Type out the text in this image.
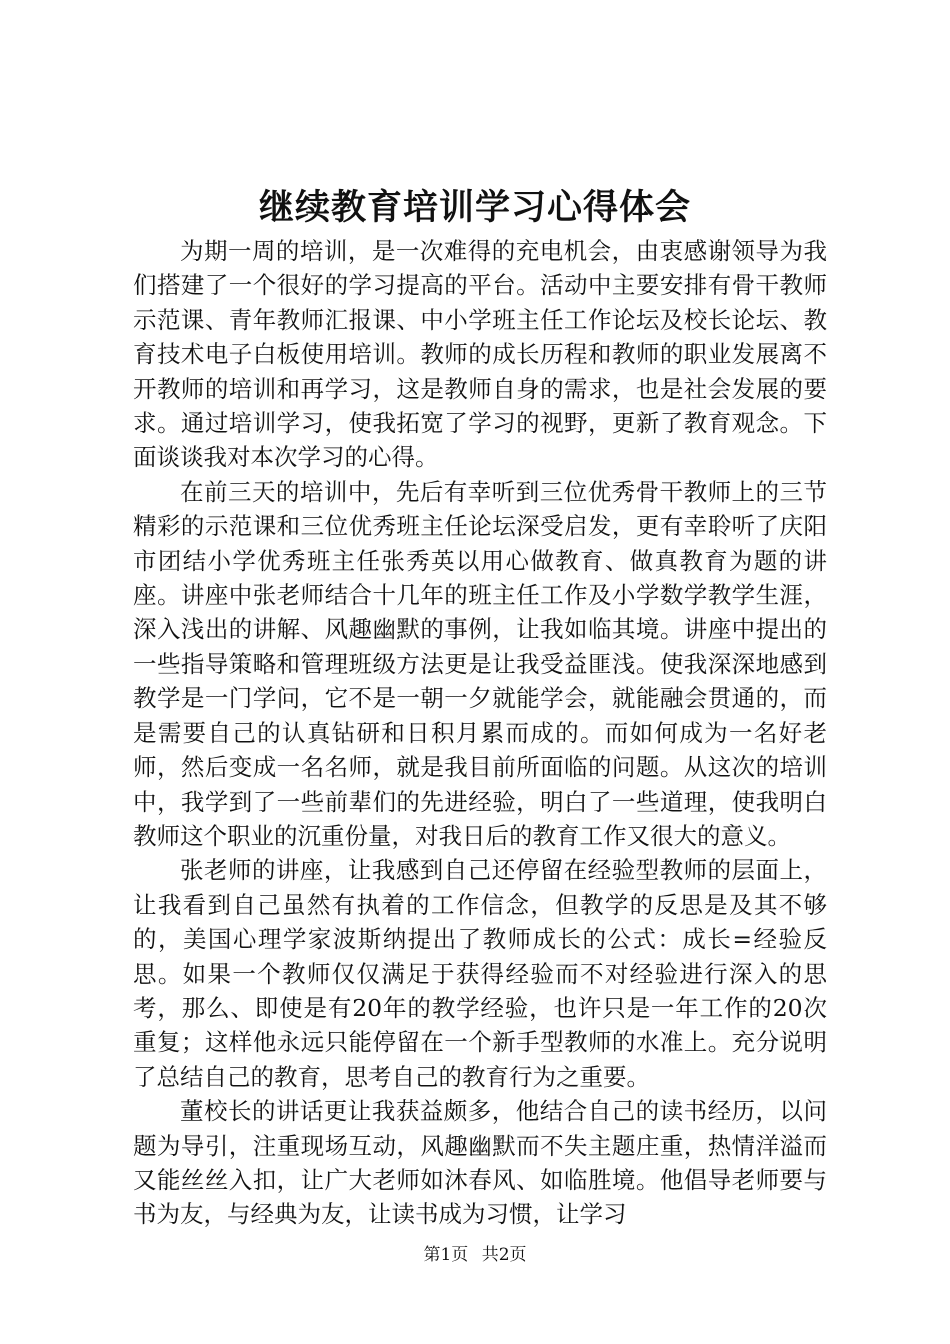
继续教育培训学习心得体会

为期一周的培训，是一次难得的充电机会，由衷感谢领导为我们搭建了一个很好的学习提高的平台。活动中主要安排有骨干教师示范课、青年教师汇报课、中小学班主任工作论坛及校长论坛、教育技术电子白板使用培训。教师的成长历程和教师的职业发展离不开教师的培训和再学习，这是教师自身的需求，也是社会发展的要求。通过培训学习，使我拓宽了学习的视野，更新了教育观念。下面谈谈我对本次学习的心得。

在前三天的培训中，先后有幸听到三位优秀骨干教师上的三节精彩的示范课和三位优秀班主任论坛深受启发，更有幸聆听了庆阳市团结小学优秀班主任张秀英以用心做教育、做真教育为题的讲座。讲座中张老师结合十几年的班主任工作及小学数学教学生涯，深入浅出的讲解、风趣幽默的事例，让我如临其境。讲座中提出的一些指导策略和管理班级方法更是让我受益匪浅。使我深深地感到教学是一门学问，它不是一朝一夕就能学会，就能融会贯通的，而是需要自己的认真钻研和日积月累而成的。而如何成为一名好老师，然后变成一名名师，就是我目前所面临的问题。从这次的培训中，我学到了一些前辈们的先进经验，明白了一些道理，使我明白教师这个职业的沉重份量，对我日后的教育工作又很大的意义。

张老师的讲座，让我感到自己还停留在经验型教师的层面上，让我看到自己虽然有执着的工作信念，但教学的反思是及其不够的，美国心理学家波斯纳提出了教师成长的公式：成长=经验反思。如果一个教师仅仅满足于获得经验而不对经验进行深入的思考，那么、即使是有20年的教学经验，也许只是一年工作的20次重复；这样他永远只能停留在一个新手型教师的水准上。充分说明了总结自己的教育，思考自己的教育行为之重要。

董校长的讲话更让我获益颇多，他结合自己的读书经历，以问题为导引，注重现场互动，风趣幽默而不失主题庄重，热情洋溢而又能丝丝入扣，让广大老师如沐春风、如临胜境。他倡导老师要与书为友，与经典为友，让读书成为习惯，让学习

第1页 共2页
